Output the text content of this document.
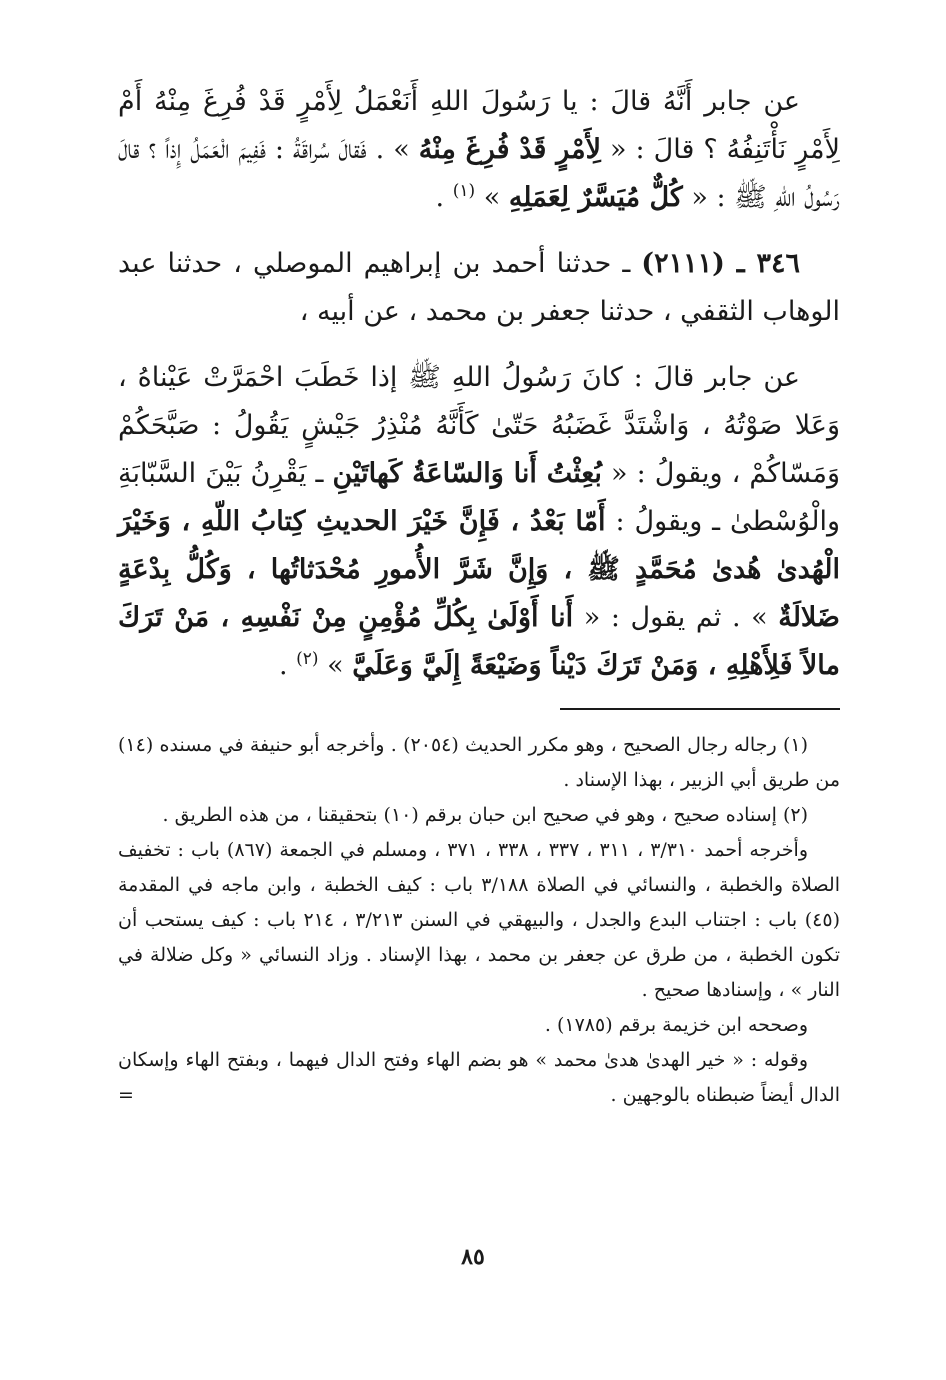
عن جابر أَنَّهُ قالَ : يا رَسُولَ اللهِ أَنَعْمَلُ لِأَمْرٍ قَدْ فُرِغَ مِنْهُ أَمْ لِأَمْرٍ نَأْتَنِفُهُ ؟ قالَ : « لِأَمْرٍ قَدْ فُرِغَ مِنْهُ » . فَقالَ سُراقَةُ : فَفِيمَ الْعَمَلُ إِذاً ؟ قالَ رَسُولُ اللهِ ﷺ : « كُلٌّ مُيَسَّرٌ لِعَمَلِهِ » $^{(١)}$ .

٣٤٦ ـ (٢١١١) ـ حدثنا أحمد بن إبراهيم الموصلي ، حدثنا عبد الوهاب الثقفي ، حدثنا جعفر بن محمد ، عن أبيه ،

عن جابر قالَ : كانَ رَسُولُ اللهِ ﷺ إذا خَطَبَ احْمَرَّتْ عَيْناهُ ، وَعَلا صَوْتُهُ ، وَاشْتَدَّ غَضَبُهُ حَتّىٰ كَأَنَّهُ مُنْذِرُ جَيْشٍ يَقُولُ : صَبَّحَكُمْ وَمَسّاكُمْ ، ويقولُ : « بُعِثْتُ أَنا وَالسّاعَةُ كَهاتَيْنِ ـ يَقْرِنُ بَيْنَ السَّبّابَةِ والْوُسْطىٰ ـ ويقولُ : أَمّا بَعْدُ ، فَإِنَّ خَيْرَ الحديثِ كِتابُ اللّهِ ، وَخَيْرَ الْهُدىٰ هُدىٰ مُحَمَّدٍ ﷺ ، وَإِنَّ شَرَّ الأُمورِ مُحْدَثاتُها ، وَكُلُّ بِدْعَةٍ ضَلالَةٌ » . ثم يقول : « أَنا أَوْلَىٰ بِكُلِّ مُؤْمِنٍ مِنْ نَفْسِهِ ، مَنْ تَرَكَ مالاً فَلِأَهْلِهِ ، وَمَنْ تَرَكَ دَيْناً وَضَيْعَةً إِلَيَّ وَعَلَيَّ » $^{(٢)}$ .

(١) رجاله رجال الصحيح ، وهو مكرر الحديث (٢٠٥٤) . وأخرجه أبو حنيفة في مسنده (١٤) من طريق أبي الزبير ، بهذا الإسناد .

(٢) إسناده صحيح ، وهو في صحيح ابن حبان برقم (١٠) بتحقيقنا ، من هذه الطريق .

وأخرجه أحمد ٣/٣١٠ ، ٣١١ ، ٣٣٧ ، ٣٣٨ ، ٣٧١ ، ومسلم في الجمعة (٨٦٧) باب : تخفيف الصلاة والخطبة ، والنسائي في الصلاة ٣/١٨٨ باب : كيف الخطبة ، وابن ماجه في المقدمة (٤٥) باب : اجتناب البدع والجدل ، والبيهقي في السنن ٣/٢١٣ ، ٢١٤ باب : كيف يستحب أن تكون الخطبة ، من طرق عن جعفر بن محمد ، بهذا الإسناد . وزاد النسائي « وكل ضلالة في النار » ، وإسنادها صحيح .

وصححه ابن خزيمة برقم (١٧٨٥) .

وقوله : « خير الهدىٰ هدىٰ محمد » هو بضم الهاء وفتح الدال فيهما ، وبفتح الهاء وإسكان الدال أيضاً ضبطناه بالوجهين .
=

٨٥
